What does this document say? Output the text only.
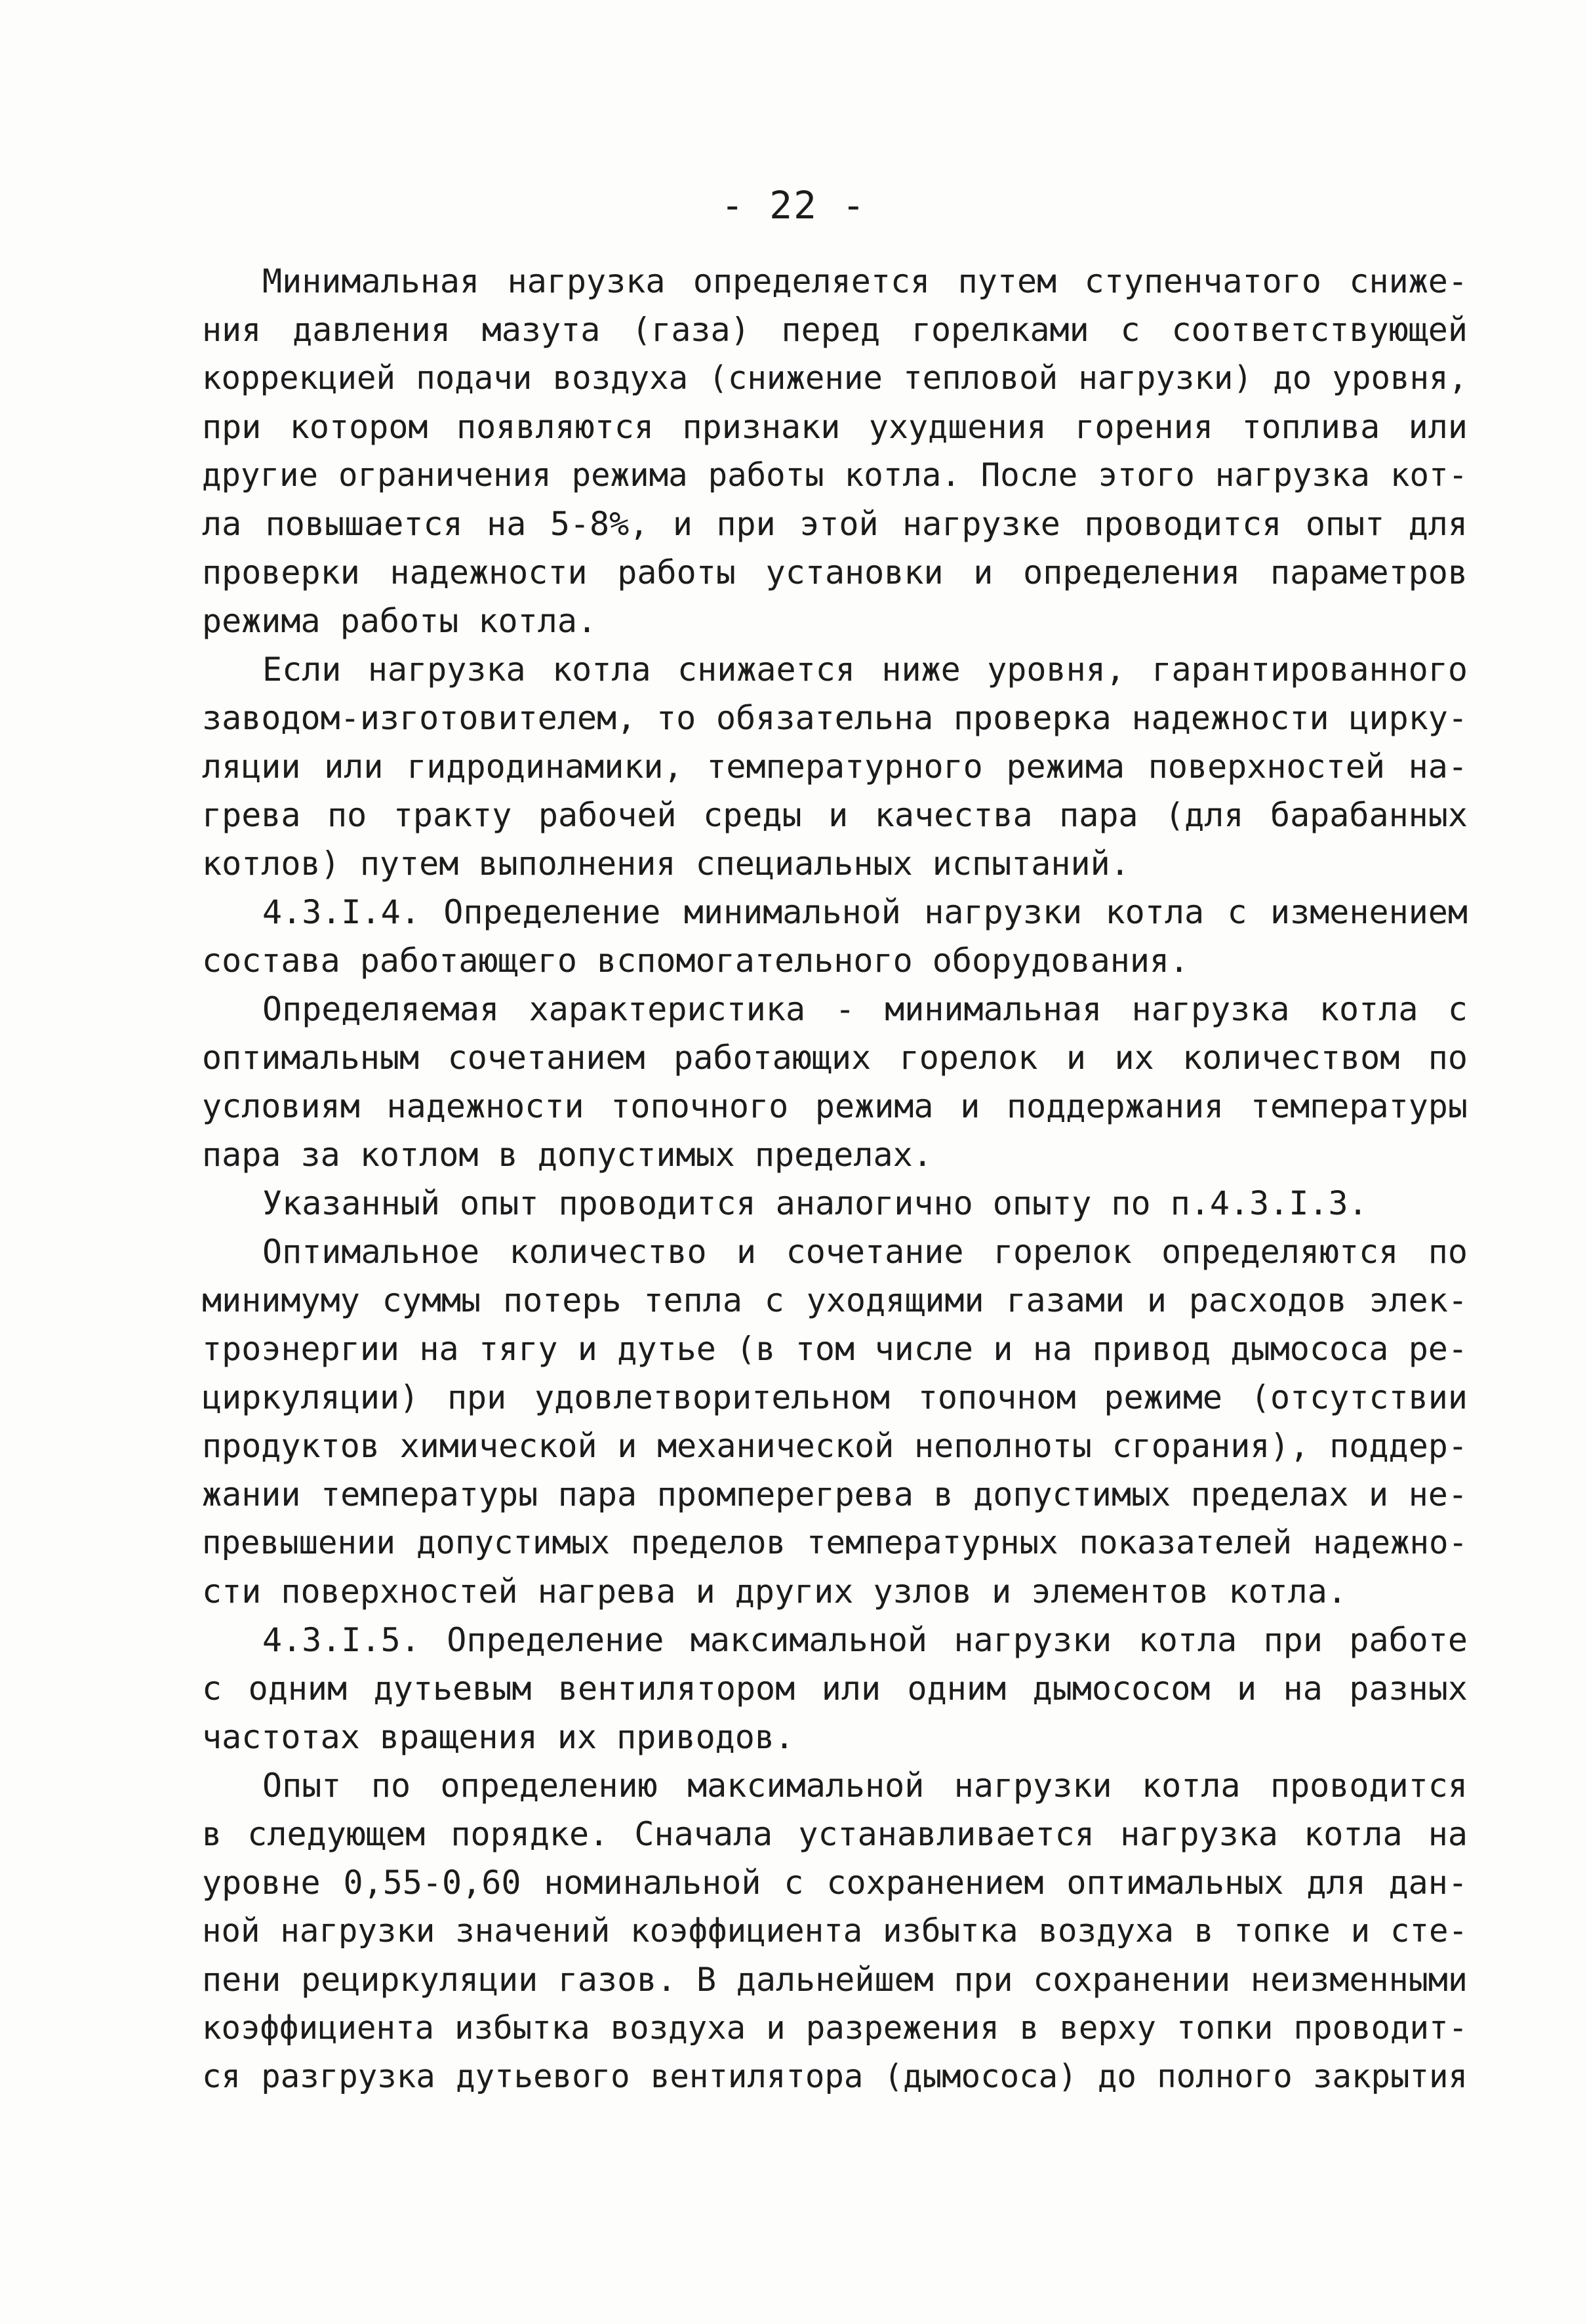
- 22 -
Минимальная нагрузка определяется путем ступенчатого сниже-
ния давления мазута (газа) перед горелками с соответствующей
коррекцией подачи воздуха (снижение тепловой нагрузки) до уровня,
при котором появляются признаки ухудшения горения топлива или
другие ограничения режима работы котла. После этого нагрузка кот-
ла повышается на 5-8%, и при этой нагрузке проводится опыт для
проверки надежности работы установки и определения параметров
режима работы котла.
Если нагрузка котла снижается ниже уровня, гарантированного
заводом-изготовителем, то обязательна проверка надежности цирку-
ляции или гидродинамики, температурного режима поверхностей на-
грева по тракту рабочей среды и качества пара (для барабанных
котлов) путем выполнения специальных испытаний.
4.3.I.4. Определение минимальной нагрузки котла с изменением
состава работающего вспомогательного оборудования.
Определяемая характеристика - минимальная нагрузка котла с
оптимальным сочетанием работающих горелок и их количеством по
условиям надежности топочного режима и поддержания температуры
пара за котлом в допустимых пределах.
Указанный опыт проводится аналогично опыту по п.4.3.I.3.
Оптимальное количество и сочетание горелок определяются по
минимуму суммы потерь тепла с уходящими газами и расходов элек-
троэнергии на тягу и дутье (в том числе и на привод дымососа ре-
циркуляции) при удовлетворительном топочном режиме (отсутствии
продуктов химической и механической неполноты сгорания), поддер-
жании температуры пара промперегрева в допустимых пределах и не-
превышении допустимых пределов температурных показателей надежно-
сти поверхностей нагрева и других узлов и элементов котла.
4.3.I.5. Определение максимальной нагрузки котла при работе
с одним дутьевым вентилятором или одним дымососом и на разных
частотах вращения их приводов.
Опыт по определению максимальной нагрузки котла проводится
в следующем порядке. Сначала устанавливается нагрузка котла на
уровне 0,55-0,60 номинальной с сохранением оптимальных для дан-
ной нагрузки значений коэффициента избытка воздуха в топке и сте-
пени рециркуляции газов. В дальнейшем при сохранении неизменными
коэффициента избытка воздуха и разрежения в верху топки проводит-
ся разгрузка дутьевого вентилятора (дымососа) до полного закрытия
